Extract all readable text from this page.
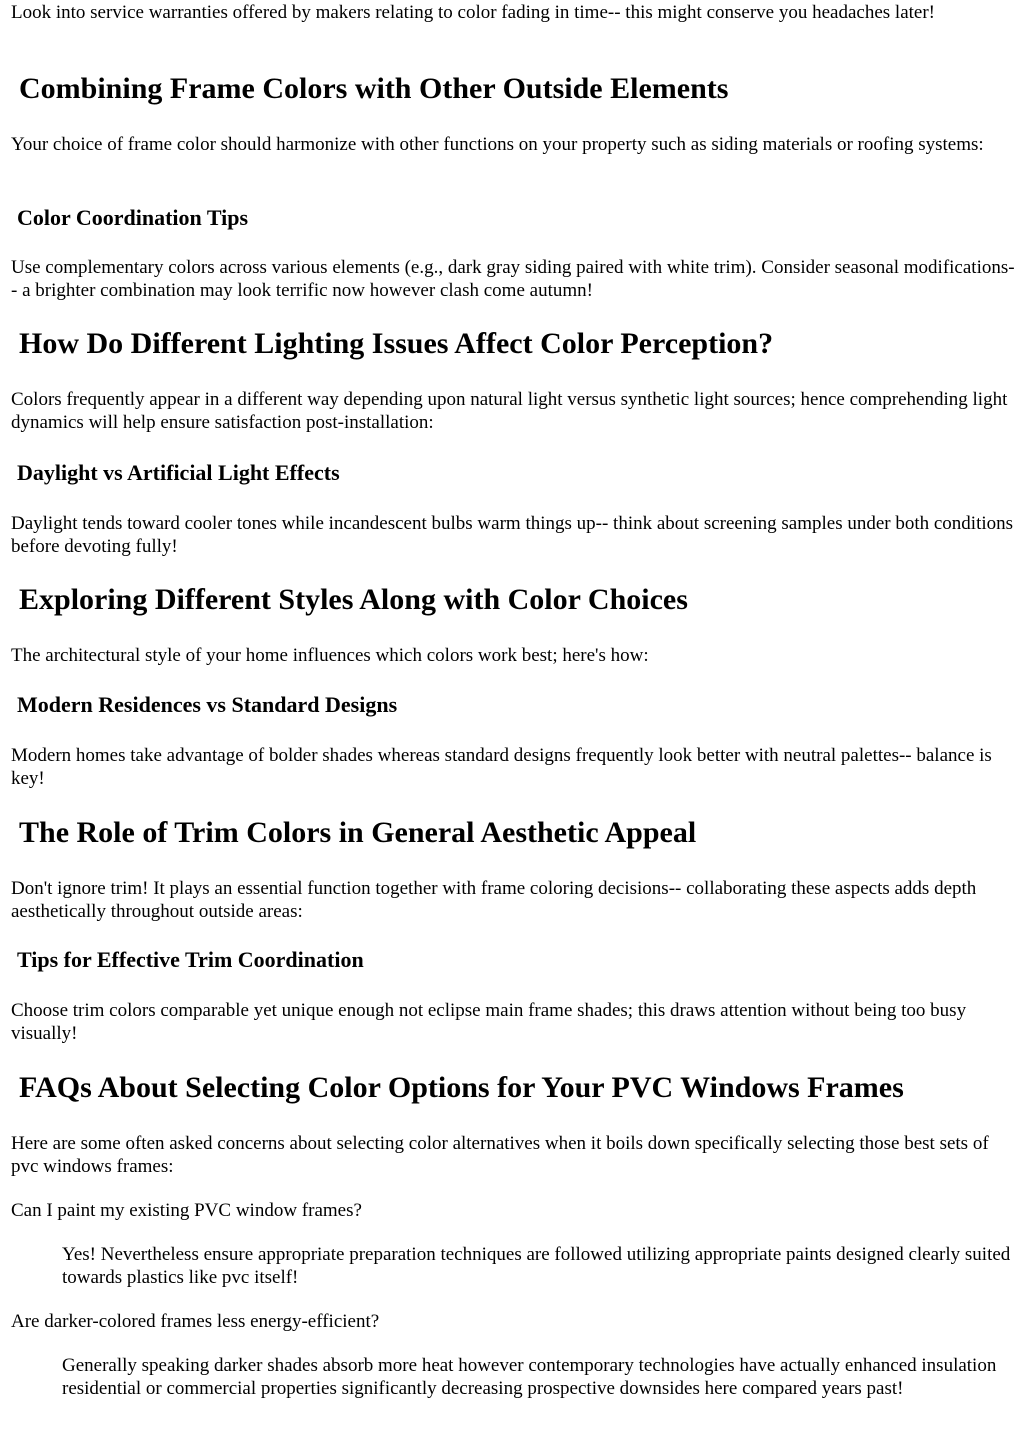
Look into service warranties offered by makers relating to color fading in time-- this might conserve you headaches later!

Combining Frame Colors with Other Outside Elements

Your choice of frame color should harmonize with other functions on your property such as siding materials or roofing systems:

Color Coordination Tips

Use complementary colors across various elements (e.g., dark gray siding paired with white trim). Consider seasonal modifications-- a brighter combination may look terrific now however clash come autumn!

How Do Different Lighting Issues Affect Color Perception?

Colors frequently appear in a different way depending upon natural light versus synthetic light sources; hence comprehending light dynamics will help ensure satisfaction post-installation:

Daylight vs Artificial Light Effects

Daylight tends toward cooler tones while incandescent bulbs warm things up-- think about screening samples under both conditions before devoting fully!

Exploring Different Styles Along with Color Choices

The architectural style of your home influences which colors work best; here's how:

Modern Residences vs Standard Designs

Modern homes take advantage of bolder shades whereas standard designs frequently look better with neutral palettes-- balance is key!

The Role of Trim Colors in General Aesthetic Appeal

Don't ignore trim! It plays an essential function together with frame coloring decisions-- collaborating these aspects adds depth aesthetically throughout outside areas:

Tips for Effective Trim Coordination

Choose trim colors comparable yet unique enough not eclipse main frame shades; this draws attention without being too busy visually!

FAQs About Selecting Color Options for Your PVC Windows Frames

Here are some often asked concerns about selecting color alternatives when it boils down specifically selecting those best sets of pvc windows frames:

Can I paint my existing PVC window frames?

Yes! Nevertheless ensure appropriate preparation techniques are followed utilizing appropriate paints designed clearly suited towards plastics like pvc itself!

Are darker-colored frames less energy-efficient?

Generally speaking darker shades absorb more heat however contemporary technologies have actually enhanced insulation residential or commercial properties significantly decreasing prospective downsides here compared years past!
